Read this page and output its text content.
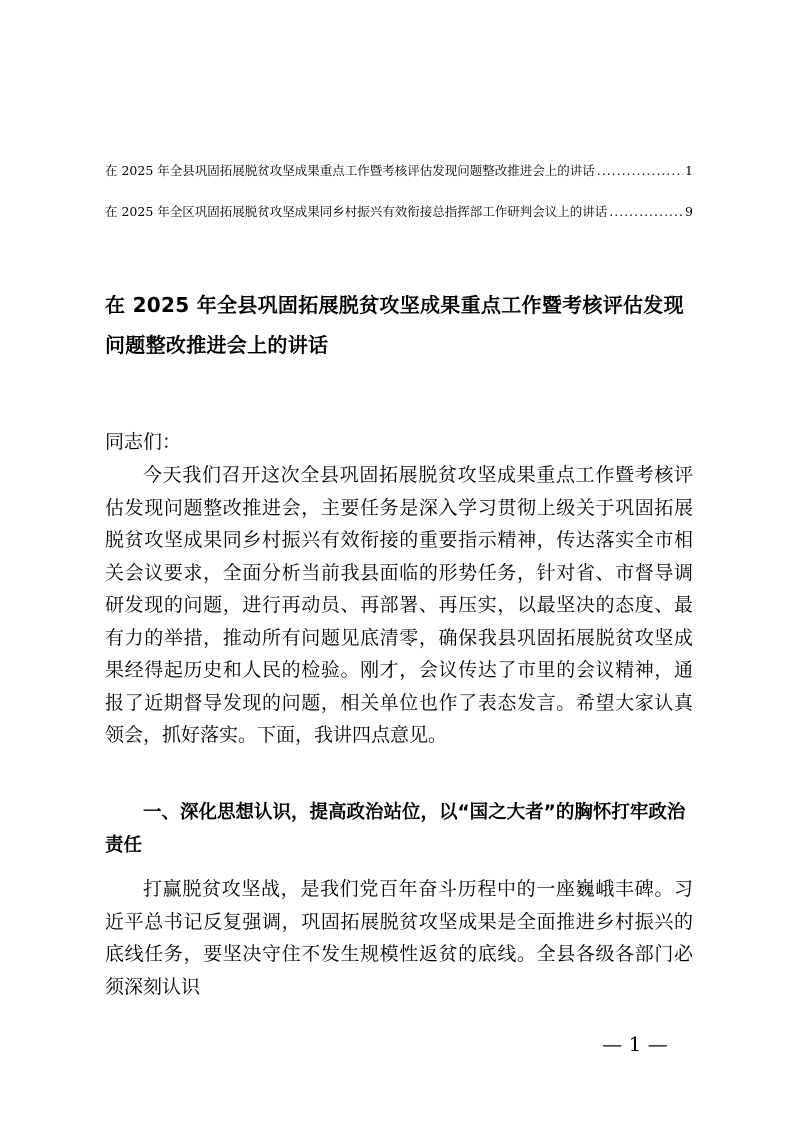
在 2025 年全县巩固拓展脱贫攻坚成果重点工作暨考核评估发现问题整改推进会上的讲话 .....	1
在 2025 年全区巩固拓展脱贫攻坚成果同乡村振兴有效衔接总指挥部工作研判会议上的讲话 .....	9
在 2025 年全县巩固拓展脱贫攻坚成果重点工作暨考核评估发现问题整改推进会上的讲话

同志们：

今天我们召开这次全县巩固拓展脱贫攻坚成果重点工作暨考核评估发现问题整改推进会，主要任务是深入学习贯彻上级关于巩固拓展脱贫攻坚成果同乡村振兴有效衔接的重要指示精神，传达落实全市相关会议要求，全面分析当前我县面临的形势任务，针对省、市督导调研发现的问题，进行再动员、再部署、再压实，以最坚决的态度、最有力的举措，推动所有问题见底清零，确保我县巩固拓展脱贫攻坚成果经得起历史和人民的检验。刚才，会议传达了市里的会议精神，通报了近期督导发现的问题，相关单位也作了表态发言。希望大家认真领会，抓好落实。下面，我讲四点意见。

一、深化思想认识，提高政治站位，以“国之大者”的胸怀打牢政治责任

打赢脱贫攻坚战，是我们党百年奋斗历程中的一座巍峨丰碑。习近平总书记反复强调，巩固拓展脱贫攻坚成果是全面推进乡村振兴的底线任务，要坚决守住不发生规模性返贫的底线。全县各级各部门必须深刻认识

— 1 —
